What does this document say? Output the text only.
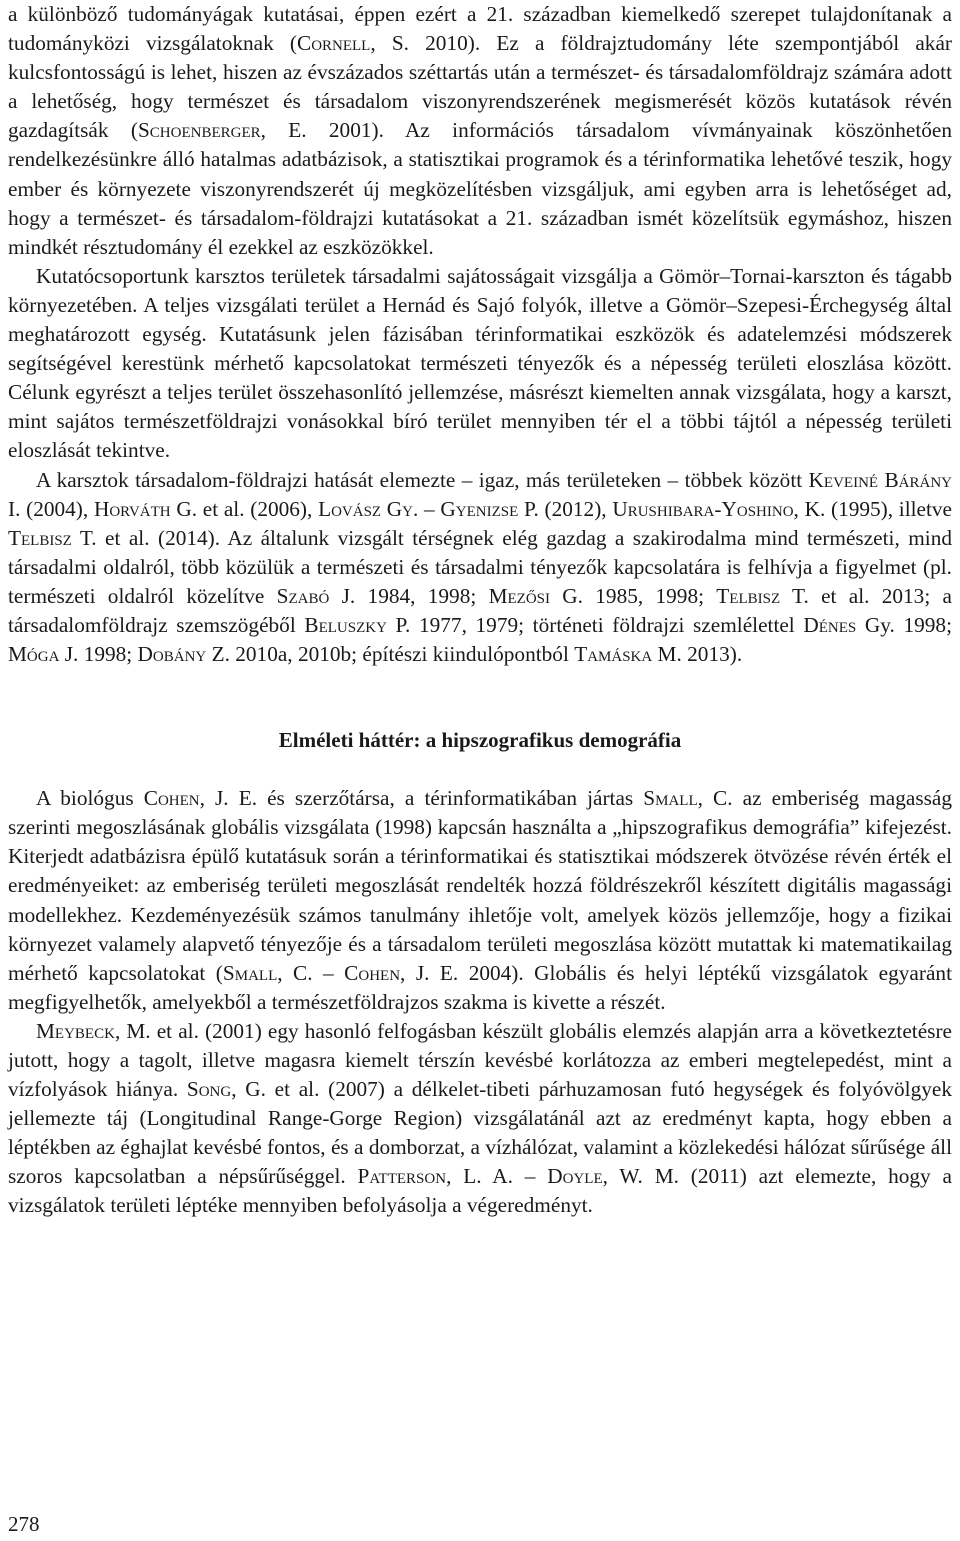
a különböző tudományágak kutatásai, éppen ezért a 21. században kiemelkedő szerepet tulajdonítanak a tudományközi vizsgálatoknak (Cornell, S. 2010). Ez a földrajztudomány léte szempontjából akár kulcsfontosságú is lehet, hiszen az évszázados széttartás után a természet- és társadalomföldrajz számára adott a lehetőség, hogy természet és társadalom viszonyrendszerének megismerését közös kutatások révén gazdagítsák (Schoenberger, E. 2001). Az információs társadalom vívmányainak köszönhetően rendelkezésünkre álló hatalmas adatbázisok, a statisztikai programok és a térinformatika lehetővé teszik, hogy ember és környezete viszonyrendszerét új megközelítésben vizsgáljuk, ami egyben arra is lehetőséget ad, hogy a természet- és társadalom-földrajzi kutatásokat a 21. században ismét közelítsük egymáshoz, hiszen mindkét résztudomány él ezekkel az eszközökkel.

Kutatócsoportunk karsztos területek társadalmi sajátosságait vizsgálja a Gömör–Tornai-karszton és tágabb környezetében. A teljes vizsgálati terület a Hernád és Sajó folyók, illetve a Gömör–Szepesi-Érchegység által meghatározott egység. Kutatásunk jelen fázisában térinformatikai eszközök és adatelemzési módszerek segítségével kerestünk mérhető kapcsolatokat természeti tényezők és a népesség területi eloszlása között. Célunk egyrészt a teljes terület összehasonlító jellemzése, másrészt kiemelten annak vizsgálata, hogy a karszt, mint sajátos természetföldrajzi vonásokkal bíró terület mennyiben tér el a többi tájtól a népesség területi eloszlását tekintve.

A karsztok társadalom-földrajzi hatását elemezte – igaz, más területeken – többek között Keveiné Bárány I. (2004), Horváth G. et al. (2006), Lovász Gy. – Gyenizse P. (2012), Urushibara-Yoshino, K. (1995), illetve Telbisz T. et al. (2014). Az általunk vizsgált térségnek elég gazdag a szakirodalma mind természeti, mind társadalmi oldalról, több közülük a természeti és társadalmi tényezők kapcsolatára is felhívja a figyelmet (pl. természeti oldalról közelítve Szabó J. 1984, 1998; Mezősi G. 1985, 1998; Telbisz T. et al. 2013; a társadalomföldrajz szemszögéből Beluszky P. 1977, 1979; történeti földrajzi szemlélettel Dénes Gy. 1998; Móga J. 1998; Dobány Z. 2010a, 2010b; építészi kiindulópontból Tamáska M. 2013).

Elméleti háttér: a hipszografikus demográfia

A biológus Cohen, J. E. és szerzőtársa, a térinformatikában jártas Small, C. az emberiség magasság szerinti megoszlásának globális vizsgálata (1998) kapcsán használta a „hipszografikus demográfia” kifejezést. Kiterjedt adatbázisra épülő kutatásuk során a térinformatikai és statisztikai módszerek ötvözése révén érték el eredményeiket: az emberiség területi megoszlását rendelték hozzá földrészekről készített digitális magassági modellekhez. Kezdeményezésük számos tanulmány ihletője volt, amelyek közös jellemzője, hogy a fizikai környezet valamely alapvető tényezője és a társadalom területi megoszlása között mutattak ki matematikailag mérhető kapcsolatokat (Small, C. – Cohen, J. E. 2004). Globális és helyi léptékű vizsgálatok egyaránt megfigyelhetők, amelyekből a természetföldrajzos szakma is kivette a részét.

Meybeck, M. et al. (2001) egy hasonló felfogásban készült globális elemzés alapján arra a következtetésre jutott, hogy a tagolt, illetve magasra kiemelt térszín kevésbé korlátozza az emberi megtelepedést, mint a vízfolyások hiánya. Song, G. et al. (2007) a délkelet-tibeti párhuzamosan futó hegységek és folyóvölgyek jellemezte táj (Longitudinal Range-Gorge Region) vizsgálatánál azt az eredményt kapta, hogy ebben a léptékben az éghajlat kevésbé fontos, és a domborzat, a vízhálózat, valamint a közlekedési hálózat sűrűsége áll szoros kapcsolatban a népsűrűséggel. Patterson, L. A. – Doyle, W. M. (2011) azt elemezte, hogy a vizsgálatok területi léptéke mennyiben befolyásolja a végeredményt.

278
